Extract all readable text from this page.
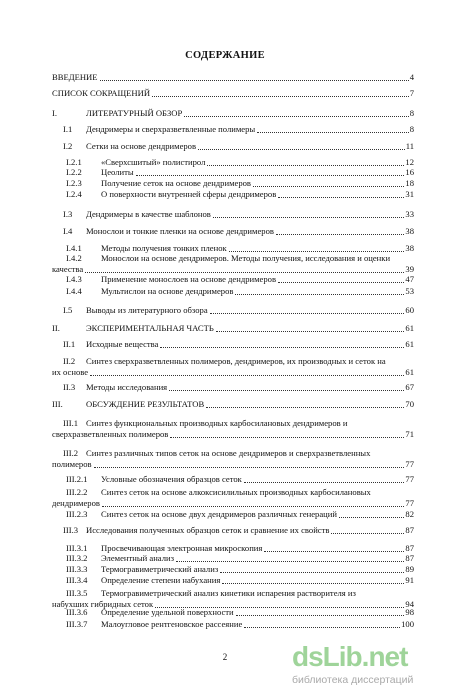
СОДЕРЖАНИЕ
ВВЕДЕНИЕ	4
СПИСОК СОКРАЩЕНИЙ	7
I.	ЛИТЕРАТУРНЫЙ ОБЗОР	8
I.1 Дендримеры и сверхразветвленные полимеры	8
I.2 Сетки на основе дендримеров	11
I.2.1 «Сверхсшитый» полистирол	12
I.2.2 Цеолиты	16
I.2.3 Получение сеток на основе дендримеров	18
I.2.4 О поверхности внутренней сферы дендримеров	31
I.3 Дендримеры в качестве шаблонов	33
I.4 Монослои и тонкие пленки на основе дендримеров	38
I.4.1 Методы получения тонких пленок	38
I.4.2 Монослои на основе дендримеров. Методы получения, исследования и оценки
качества	39
I.4.3 Применение монослоев на основе дендримеров	47
I.4.4 Мультислои на основе дендримеров	53
I.5 Выводы из литературного обзора	60
II.	ЭКСПЕРИМЕНТАЛЬНАЯ ЧАСТЬ	61
II.1 Исходные вещества	61
II.2 Синтез сверхразветвленных полимеров, дендримеров, их производных и сеток на
их основе	61
II.3 Методы исследования	67
III.	ОБСУЖДЕНИЕ РЕЗУЛЬТАТОВ	70
III.1 Синтез функциональных производных карбосилановых дендримеров и
сверхразветвленных полимеров	71
III.2 Синтез различных типов сеток на основе дендримеров и сверхразветвленных
полимеров	77
III.2.1 Условные обозначения образцов сеток	77
III.2.2 Синтез сеток на основе алкоксисилильных производных карбосилановых
дендримеров	77
III.2.3 Синтез сеток на основе двух дендримеров различных генераций	82
III.3 Исследования полученных образцов сеток и сравнение их свойств	87
III.3.1 Просвечивающая электронная микроскопия	87
III.3.2 Элементный анализ	87
III.3.3 Термогравиметрический анализ	89
III.3.4 Определение степени набухания	91
III.3.5 Термогравиметрический анализ кинетики испарения растворителя из
набухших гибридных сеток	94
III.3.6 Определение удельной поверхности	98
III.3.7 Малоугловое рентгеновское рассеяние	100
2	dsLib.net
библиотека диссертаций
